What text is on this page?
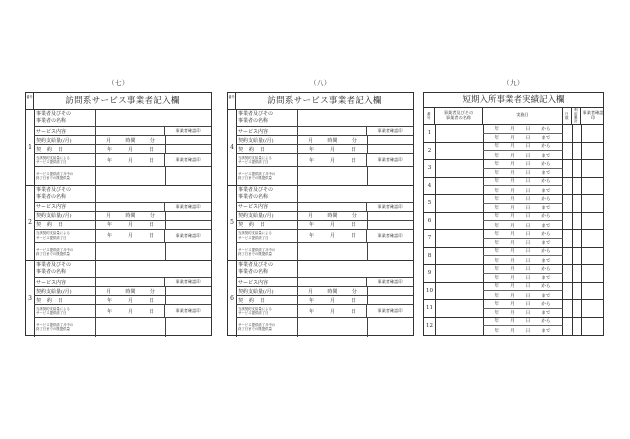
（七）
番号	訪問系サービス事業者記入欄
1
事業者及びその
事業者の名称
サービス内容	事業者確認印
契約支給量(/月)	月	時間	分
契約日	年	月	日
当該契約支給量による
サービス提供終了日	年	月	日	事業者確認印
サービス提供終了月中の
終了日までの既提供量
2
事業者及びその
事業者の名称
サービス内容	事業者確認印
契約支給量(/月)	月	時間	分
契約日	年	月	日
当該契約支給量による
サービス提供終了日	年	月	日	事業者確認印
サービス提供終了月中の
終了日までの既提供量
3
事業者及びその
事業者の名称
サービス内容	事業者確認印
契約支給量(/月)	月	時間	分
契約日	年	月	日
当該契約支給量による
サービス提供終了日	年	月	日	事業者確認印
サービス提供終了月中の
終了日までの既提供量
（八）
番号	訪問系サービス事業者記入欄
4
事業者及びその
事業者の名称
サービス内容	事業者確認印
契約支給量(/月)	月	時間	分
契約日	年	月	日
当該契約支給量による
サービス提供終了日	年	月	日	事業者確認印
サービス提供終了月中の
終了日までの既提供量
5
事業者及びその
事業者の名称
サービス内容	事業者確認印
契約支給量(/月)	月	時間	分
契約日	年	月	日
当該契約支給量による
サービス提供終了日	年	月	日	事業者確認印
サービス提供終了月中の
終了日までの既提供量
6
事業者及びその
事業者の名称
サービス内容	事業者確認印
契約支給量(/月)	月	時間	分
契約日	年	月	日
当該契約支給量による
サービス提供終了日	年	月	日	事業者確認印
サービス提供終了月中の
終了日までの既提供量
（九）
短期入所事業者実績記入欄
番号	事業者及びその
事業者の名称	実施日	日数	利用累計	事業者確認印
1
年 月 日 から
年 月 日 まで
2
年 月 日 から
年 月 日 まで
3
年 月 日 から
年 月 日 まで
4
年 月 日 から
年 月 日 まで
5
年 月 日 から
年 月 日 まで
6
年 月 日 から
年 月 日 まで
7
年 月 日 から
年 月 日 まで
8
年 月 日 から
年 月 日 まで
9
年 月 日 から
年 月 日 まで
10
年 月 日 から
年 月 日 まで
11
年 月 日 から
年 月 日 まで
12
年 月 日 から
年 月 日 まで
